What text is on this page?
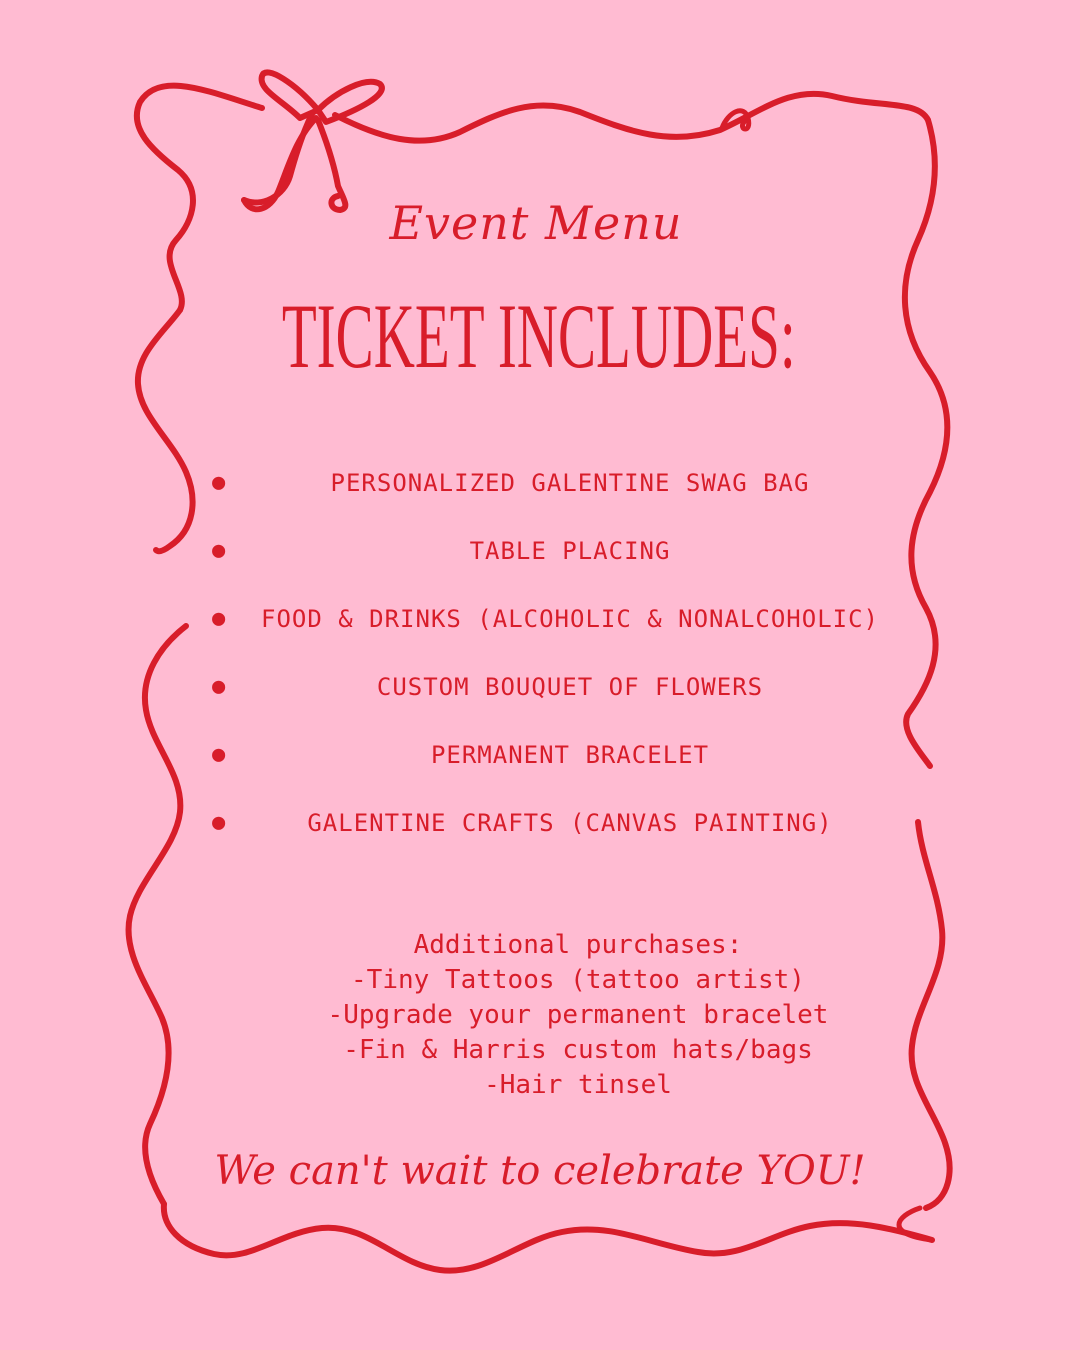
Event Menu
TICKET INCLUDES:
●	PERSONALIZED GALENTINE SWAG BAG
●	TABLE PLACING
● FOOD & DRINKS (ALCOHOLIC & NONALCOHOLIC)
●	CUSTOM BOUQUET OF FLOWERS
●	PERMANENT BRACELET
●	GALENTINE CRAFTS (CANVAS PAINTING)
Additional purchases:
-Tiny Tattoos (tattoo artist)
-Upgrade your permanent bracelet
-Fin & Harris custom hats/bags
-Hair tinsel
We can't wait to celebrate YOU!
